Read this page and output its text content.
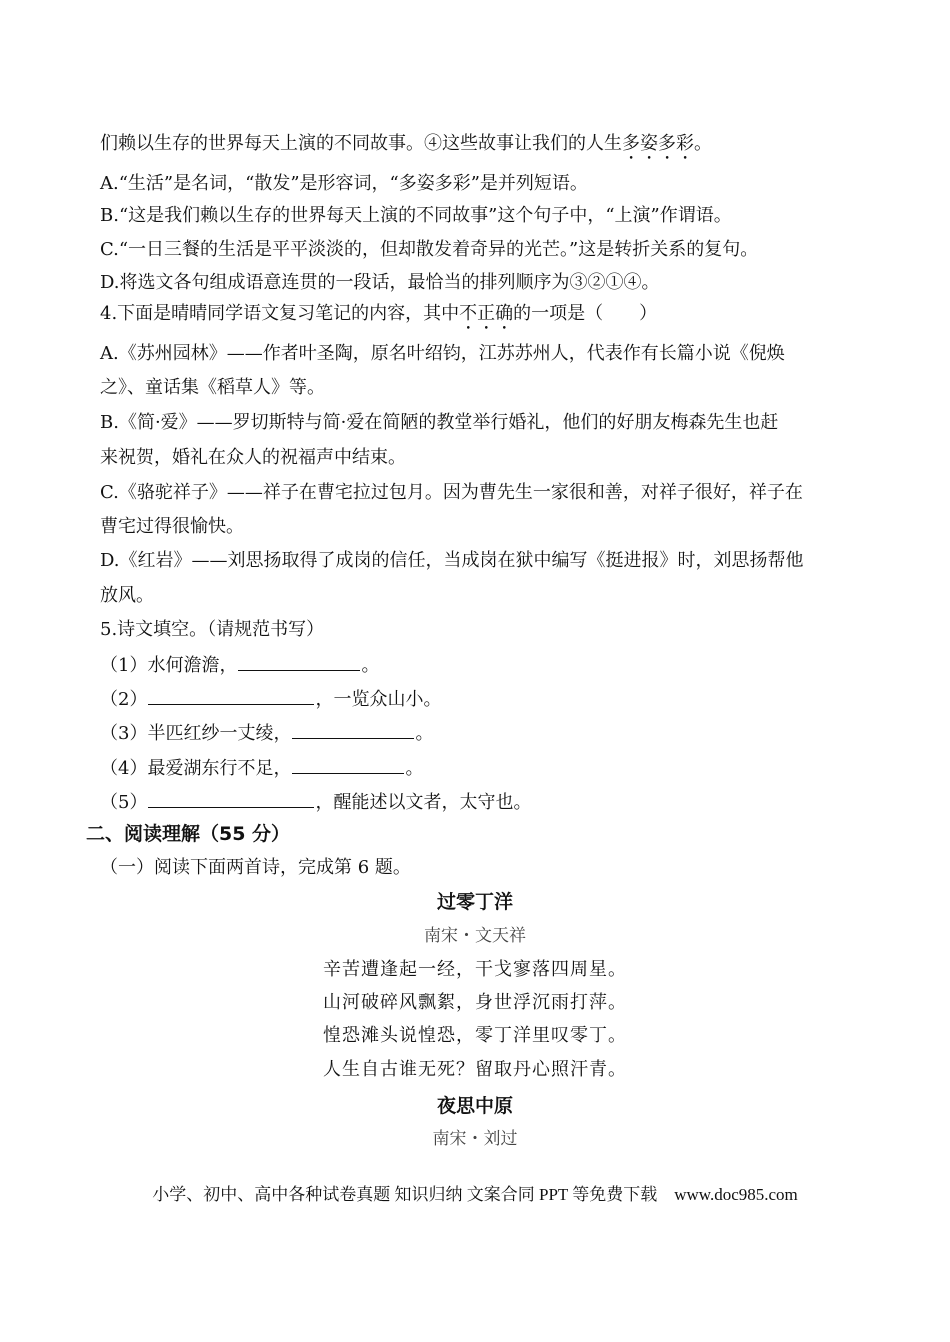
们赖以生存的世界每天上演的不同故事。④这些故事让我们的人生多姿多彩。
A.“生活”是名词，“散发”是形容词，“多姿多彩”是并列短语。
B.“这是我们赖以生存的世界每天上演的不同故事”这个句子中，“上演”作谓语。
C.“一日三餐的生活是平平淡淡的，但却散发着奇异的光芒。”这是转折关系的复句。
D.将选文各句组成语意连贯的一段话，最恰当的排列顺序为③②①④。
4.下面是晴晴同学语文复习笔记的内容，其中不正确的一项是（　　）
A.《苏州园林》——作者叶圣陶，原名叶绍钧，江苏苏州人，代表作有长篇小说《倪焕
之》、童话集《稻草人》等。
B.《简·爱》——罗切斯特与简·爱在简陋的教堂举行婚礼，他们的好朋友梅森先生也赶
来祝贺，婚礼在众人的祝福声中结束。
C.《骆驼祥子》——祥子在曹宅拉过包月。因为曹先生一家很和善，对祥子很好，祥子在
曹宅过得很愉快。
D.《红岩》——刘思扬取得了成岗的信任，当成岗在狱中编写《挺进报》时，刘思扬帮他
放风。
5.诗文填空。（请规范书写）
（1）水何澹澹，	。
（2）	，一览众山小。
（3）半匹红纱一丈绫，	。
（4）最爱湖东行不足，	。
（5）	，醒能述以文者，太守也。
二、阅读理解（55 分）
（一）阅读下面两首诗，完成第 6 题。
过零丁洋
南宋・文天祥
辛苦遭逢起一经，干戈寥落四周星。
山河破碎风飘絮，身世浮沉雨打萍。
惶恐滩头说惶恐，零丁洋里叹零丁。
人生自古谁无死？留取丹心照汗青。
夜思中原
南宋・刘过
小学、初中、高中各种试卷真题 知识归纳 文案合同 PPT 等免费下载　www.doc985.com
